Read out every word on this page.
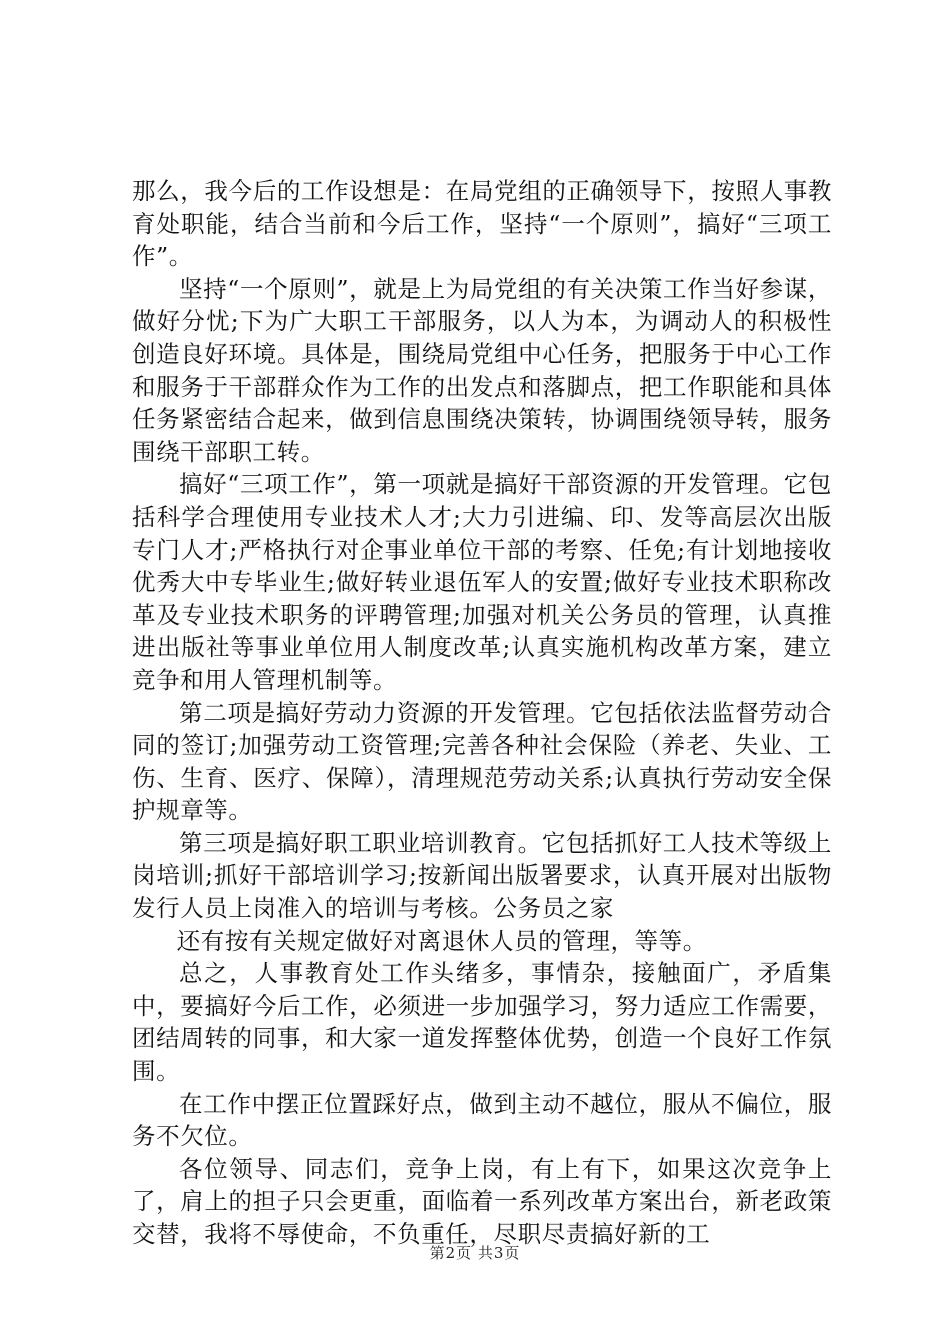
那么，我今后的工作设想是：在局党组的正确领导下，按照人事教育处职能，结合当前和今后工作，坚持“一个原则”，搞好“三项工作”。

坚持“一个原则”，就是上为局党组的有关决策工作当好参谋，做好分忧;下为广大职工干部服务，以人为本，为调动人的积极性创造良好环境。具体是，围绕局党组中心任务，把服务于中心工作和服务于干部群众作为工作的出发点和落脚点，把工作职能和具体任务紧密结合起来，做到信息围绕决策转，协调围绕领导转，服务围绕干部职工转。

搞好“三项工作”，第一项就是搞好干部资源的开发管理。它包括科学合理使用专业技术人才;大力引进编、印、发等高层次出版专门人才;严格执行对企事业单位干部的考察、任免;有计划地接收优秀大中专毕业生;做好转业退伍军人的安置;做好专业技术职称改革及专业技术职务的评聘管理;加强对机关公务员的管理，认真推进出版社等事业单位用人制度改革;认真实施机构改革方案，建立竞争和用人管理机制等。

第二项是搞好劳动力资源的开发管理。它包括依法监督劳动合同的签订;加强劳动工资管理;完善各种社会保险（养老、失业、工伤、生育、医疗、保障），清理规范劳动关系;认真执行劳动安全保护规章等。

第三项是搞好职工职业培训教育。它包括抓好工人技术等级上岗培训;抓好干部培训学习;按新闻出版署要求，认真开展对出版物发行人员上岗准入的培训与考核。公务员之家

还有按有关规定做好对离退休人员的管理，等等。

总之，人事教育处工作头绪多，事情杂，接触面广，矛盾集中，要搞好今后工作，必须进一步加强学习，努力适应工作需要，团结周转的同事，和大家一道发挥整体优势，创造一个良好工作氛围。

在工作中摆正位置踩好点，做到主动不越位，服从不偏位，服务不欠位。

各位领导、同志们，竞争上岗，有上有下，如果这次竞争上了，肩上的担子只会更重，面临着一系列改革方案出台，新老政策交替，我将不辱使命，不负重任，尽职尽责搞好新的工

第2页 共3页
